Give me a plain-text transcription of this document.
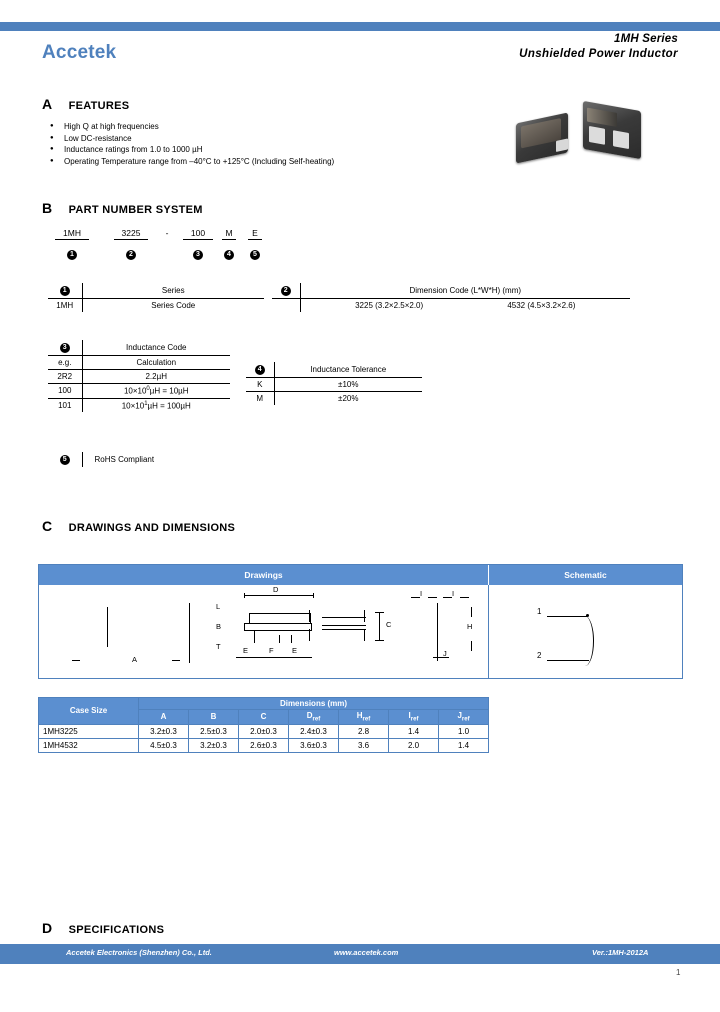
Accetek
1MH Series
Unshielded Power Inductor
A FEATURES
● High Q at high frequencies
● Low DC-resistance
● Inductance ratings from 1.0 to 1000 µH
● Operating Temperature range from –40°C to +125°C (Including Self-heating)
B PART NUMBER SYSTEM
1MH	3225	-	100	M	E
1	2	3	4	5
1	Series
1MH	Series Code
2	Dimension Code (L*W*H) (mm)
	3225 (3.2×2.5×2.0) 4532 (4.5×3.2×2.6)
3	Inductance Code
e.g.	Calculation
2R2	2.2µH
100	$10\times 10^0\mu H = 10\mu H$
101	$10\times 10^1\mu H = 100\mu H$
4	Inductance Tolerance
K	±10%
M	±20%
5	RoHS Compliant
C DRAWINGS AND DIMENSIONS
Drawings	Schematic
A
L
B
T
D
E	F E
C
I	I
J
H
1
2
Case Size	Dimensions (mm)						
	A	B	C	$D_{ref}$	$H_{ref}$	$I_{ref}$	$J_{ref}$
1MH3225	3.2±0.3	2.5±0.3	2.0±0.3	2.4±0.3	2.8	1.4	1.0
1MH4532	4.5±0.3	3.2±0.3	2.6±0.3	3.6±0.3	3.6	2.0	1.4
D SPECIFICATIONS
Accetek Electronics (Shenzhen) Co., Ltd.	www.accetek.com	Ver.:1MH-2012A
1
